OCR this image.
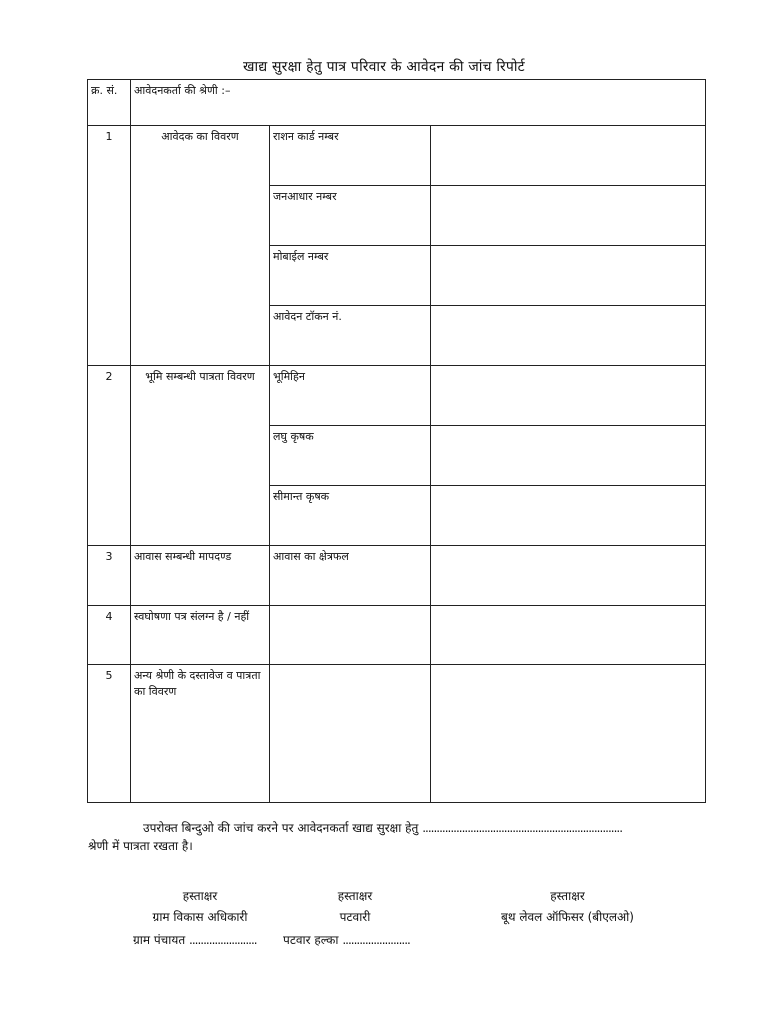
खाद्य सुरक्षा हेतु पात्र परिवार के आवेदन की जांच रिपोर्ट
क्र. सं.	आवेदनकर्ता की श्रेणी :–		
1	आवेदक का विवरण	राशन कार्ड नम्बर	
		जनआधार नम्बर	
		मोबाईल नम्बर	
		आवेदन टॉकन नं.	
2	भूमि सम्बन्धी पात्रता विवरण	भूमिहिन	
		लघु कृषक	
		सीमान्त कृषक	
3	आवास सम्बन्धी मापदण्ड	आवास का क्षेत्रफल	
4	स्वघोषणा पत्र संलग्न है / नहीं		
5	अन्य श्रेणी के दस्तावेज व पात्रता का विवरण		
उपरोक्त बिन्दुओ की जांच करने पर आवेदनकर्ता खाद्य सुरक्षा हेतु .......................................................................
श्रेणी में पात्रता रखता है।
हस्ताक्षर
ग्राम विकास अधिकारी
हस्ताक्षर
पटवारी
हस्ताक्षर
बूथ लेवल ऑफिसर (बीएलओ)
ग्राम पंचायत ........................ पटवार हल्का ........................
